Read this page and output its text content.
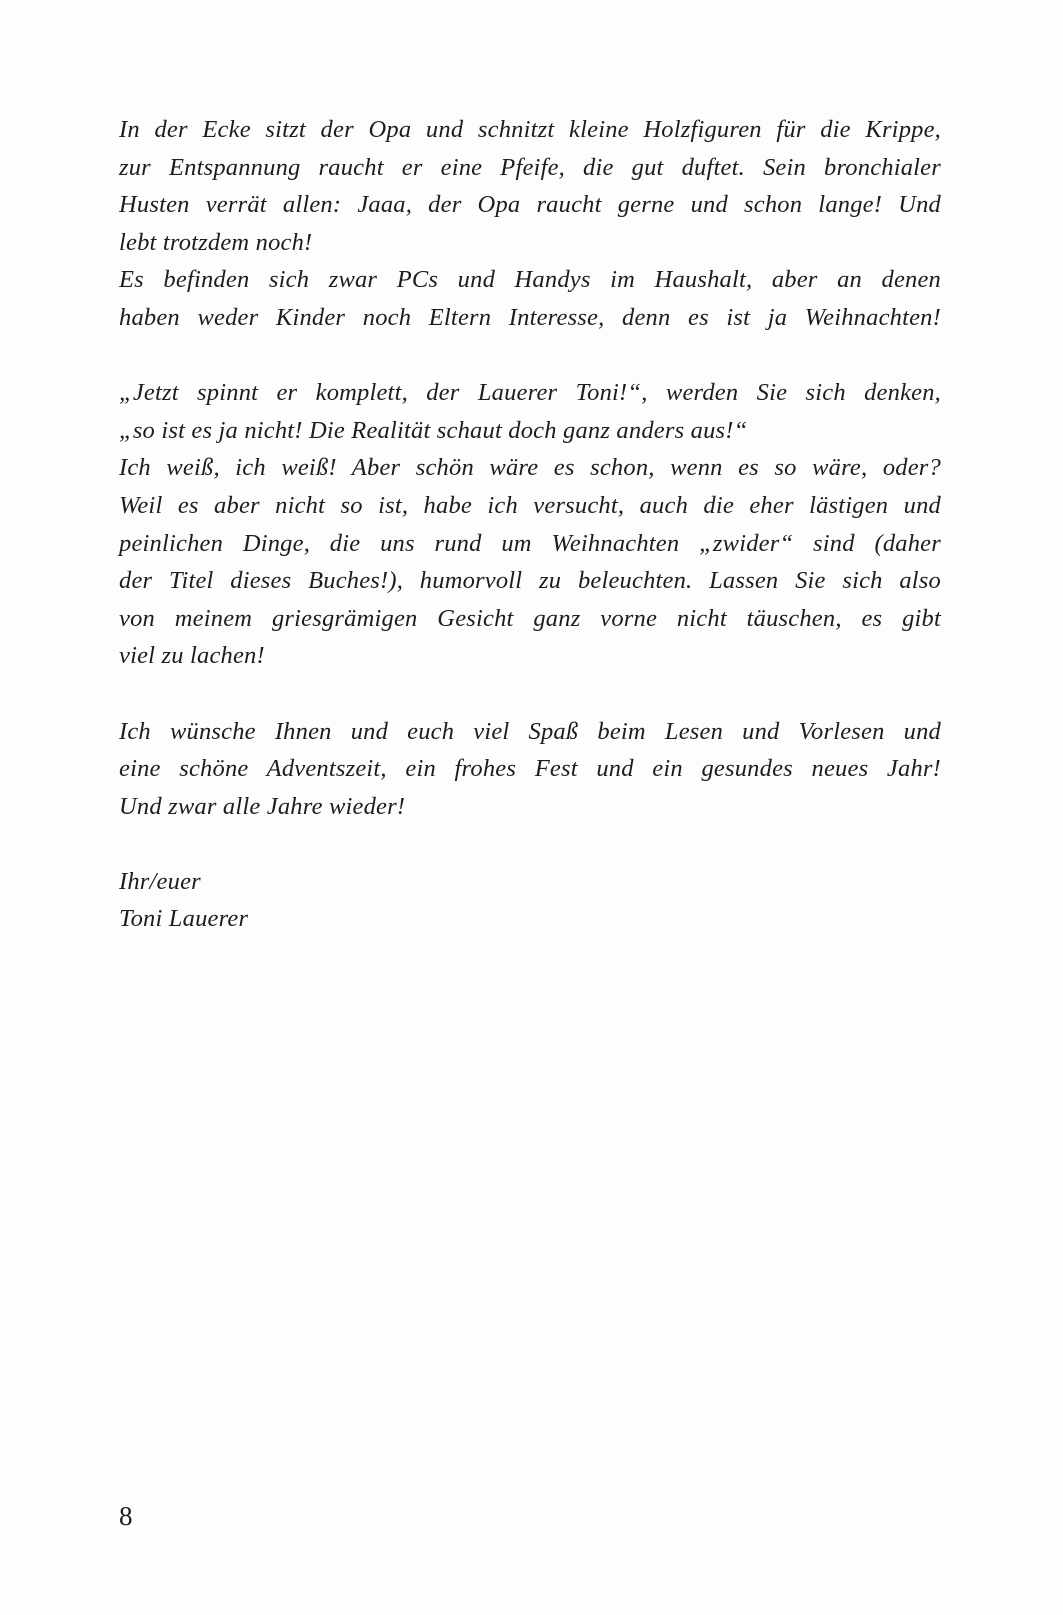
In der Ecke sitzt der Opa und schnitzt kleine Holzfiguren für die Krippe,

zur Entspannung raucht er eine Pfeife, die gut duftet. Sein bronchialer

Husten verrät allen: Jaaa, der Opa raucht gerne und schon lange! Und

lebt trotzdem noch!

Es befinden sich zwar PCs und Handys im Haushalt, aber an denen

haben weder Kinder noch Eltern Interesse, denn es ist ja Weihnachten!

„Jetzt spinnt er komplett, der Lauerer Toni!“, werden Sie sich denken,

„so ist es ja nicht! Die Realität schaut doch ganz anders aus!“

Ich weiß, ich weiß! Aber schön wäre es schon, wenn es so wäre, oder?

Weil es aber nicht so ist, habe ich versucht, auch die eher lästigen und

peinlichen Dinge, die uns rund um Weihnachten „zwider“ sind (daher

der Titel dieses Buches!), humorvoll zu beleuchten. Lassen Sie sich also

von meinem griesgrämigen Gesicht ganz vorne nicht täuschen, es gibt

viel zu lachen!

Ich wünsche Ihnen und euch viel Spaß beim Lesen und Vorlesen und

eine schöne Adventszeit, ein frohes Fest und ein gesundes neues Jahr!

Und zwar alle Jahre wieder!

Ihr/euer

Toni Lauerer

8
